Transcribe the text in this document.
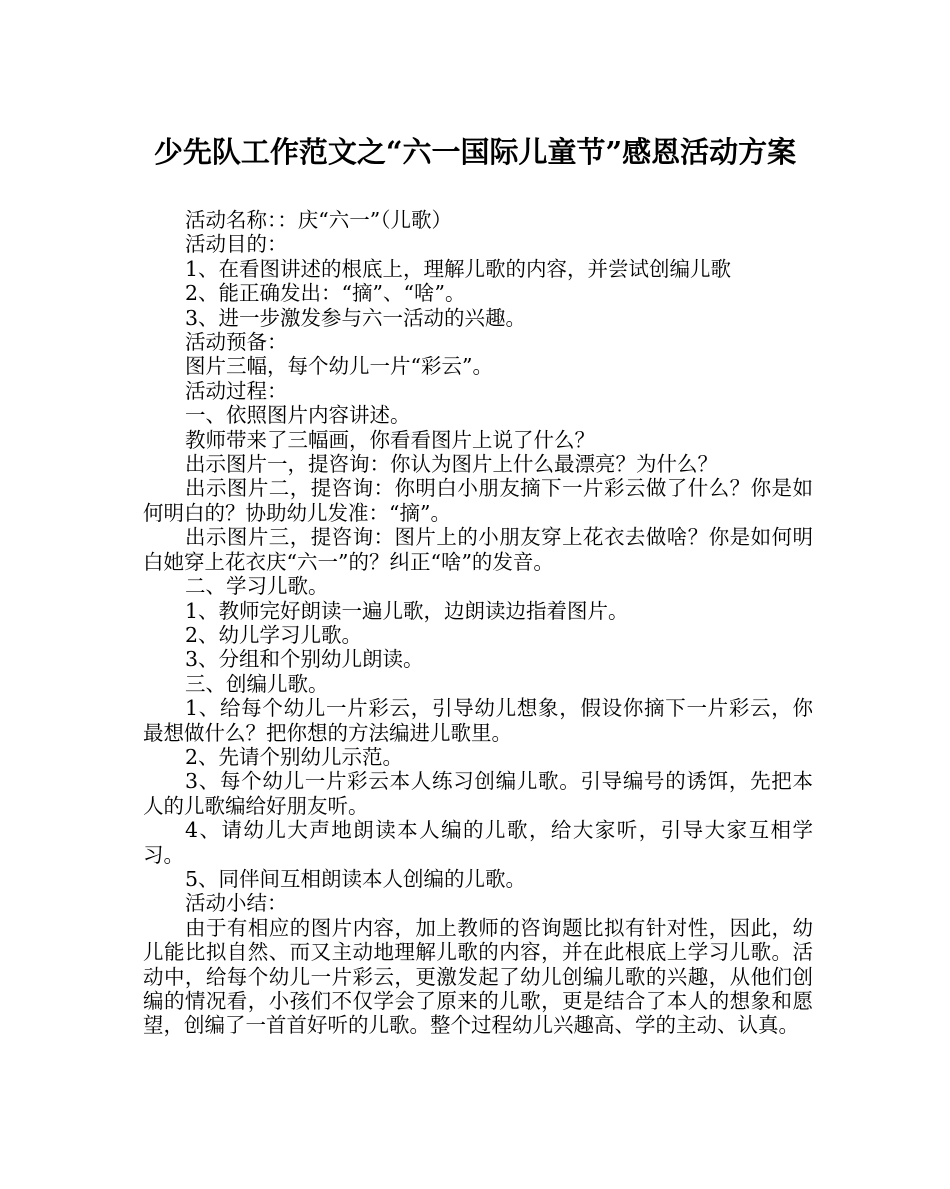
少先队工作范文之“六一国际儿童节”感恩活动方案

活动名称：：庆“六一”（儿歌）

活动目的：

1、在看图讲述的根底上，理解儿歌的内容，并尝试创编儿歌

2、能正确发出：“摘”、“啥”。

3、进一步激发参与六一活动的兴趣。

活动预备：

图片三幅，每个幼儿一片“彩云”。

活动过程：

一、依照图片内容讲述。

教师带来了三幅画，你看看图片上说了什么？

出示图片一，提咨询：你认为图片上什么最漂亮？为什么？

出示图片二，提咨询：你明白小朋友摘下一片彩云做了什么？你是如何明白的？协助幼儿发准：“摘”。

出示图片三，提咨询：图片上的小朋友穿上花衣去做啥？你是如何明白她穿上花衣庆“六一”的？纠正“啥”的发音。

二、学习儿歌。

1、教师完好朗读一遍儿歌，边朗读边指着图片。

2、幼儿学习儿歌。

3、分组和个别幼儿朗读。

三、创编儿歌。

1、给每个幼儿一片彩云，引导幼儿想象，假设你摘下一片彩云，你最想做什么？把你想的方法编进儿歌里。

2、先请个别幼儿示范。

3、每个幼儿一片彩云本人练习创编儿歌。引导编号的诱饵，先把本人的儿歌编给好朋友听。

4、请幼儿大声地朗读本人编的儿歌，给大家听，引导大家互相学习。

5、同伴间互相朗读本人创编的儿歌。

活动小结：

由于有相应的图片内容，加上教师的咨询题比拟有针对性，因此，幼儿能比拟自然、而又主动地理解儿歌的内容，并在此根底上学习儿歌。活动中，给每个幼儿一片彩云，更激发起了幼儿创编儿歌的兴趣，从他们创编的情况看，小孩们不仅学会了原来的儿歌，更是结合了本人的想象和愿望，创编了一首首好听的儿歌。整个过程幼儿兴趣高、学的主动、认真。
